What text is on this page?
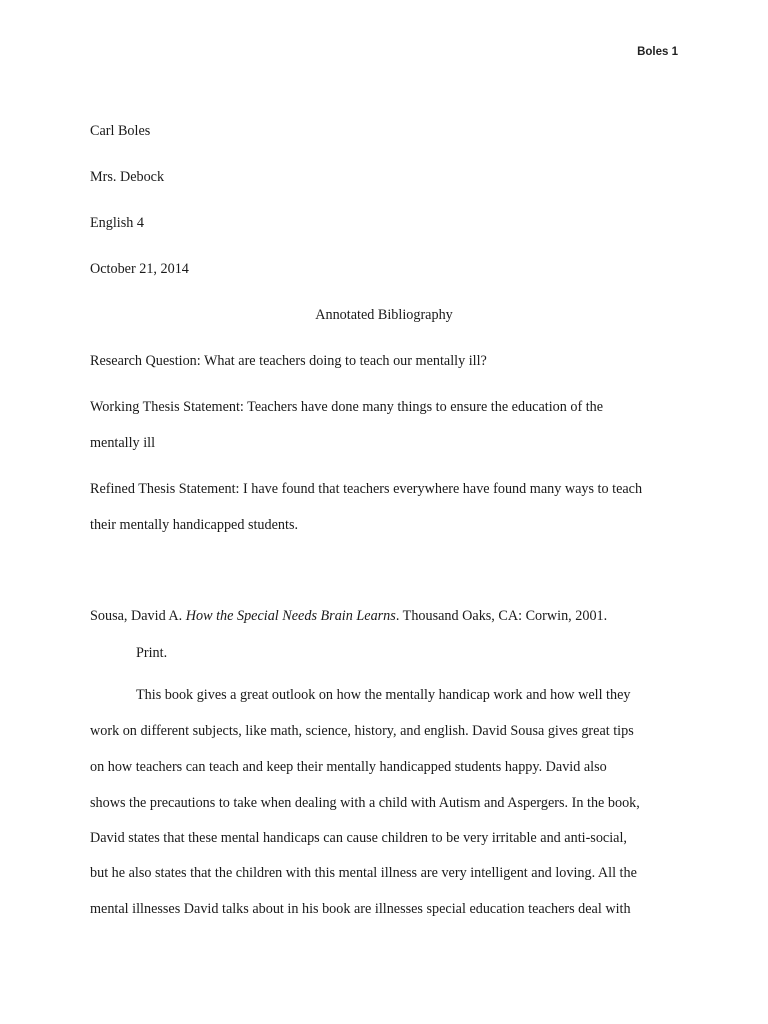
Boles 1
Carl Boles
Mrs. Debock
English 4
October 21, 2014
Annotated Bibliography
Research Question: What are teachers doing to teach our mentally ill?
Working Thesis Statement: Teachers have done many things to ensure the education of the
mentally ill
Refined Thesis Statement: I have found that teachers everywhere have found many ways to teach
their mentally handicapped students.
Sousa, David A. How the Special Needs Brain Learns. Thousand Oaks, CA: Corwin, 2001.
Print.
This book gives a great outlook on how the mentally handicap work and how well they
work on different subjects, like math, science, history, and english. David Sousa gives great tips
on how teachers can teach and keep their mentally handicapped students happy. David also
shows the precautions to take when dealing with a child with Autism and Aspergers. In the book,
David states that these mental handicaps can cause children to be very irritable and anti-social,
but he also states that the children with this mental illness are very intelligent and loving. All the
mental illnesses David talks about in his book are illnesses special education teachers deal with
